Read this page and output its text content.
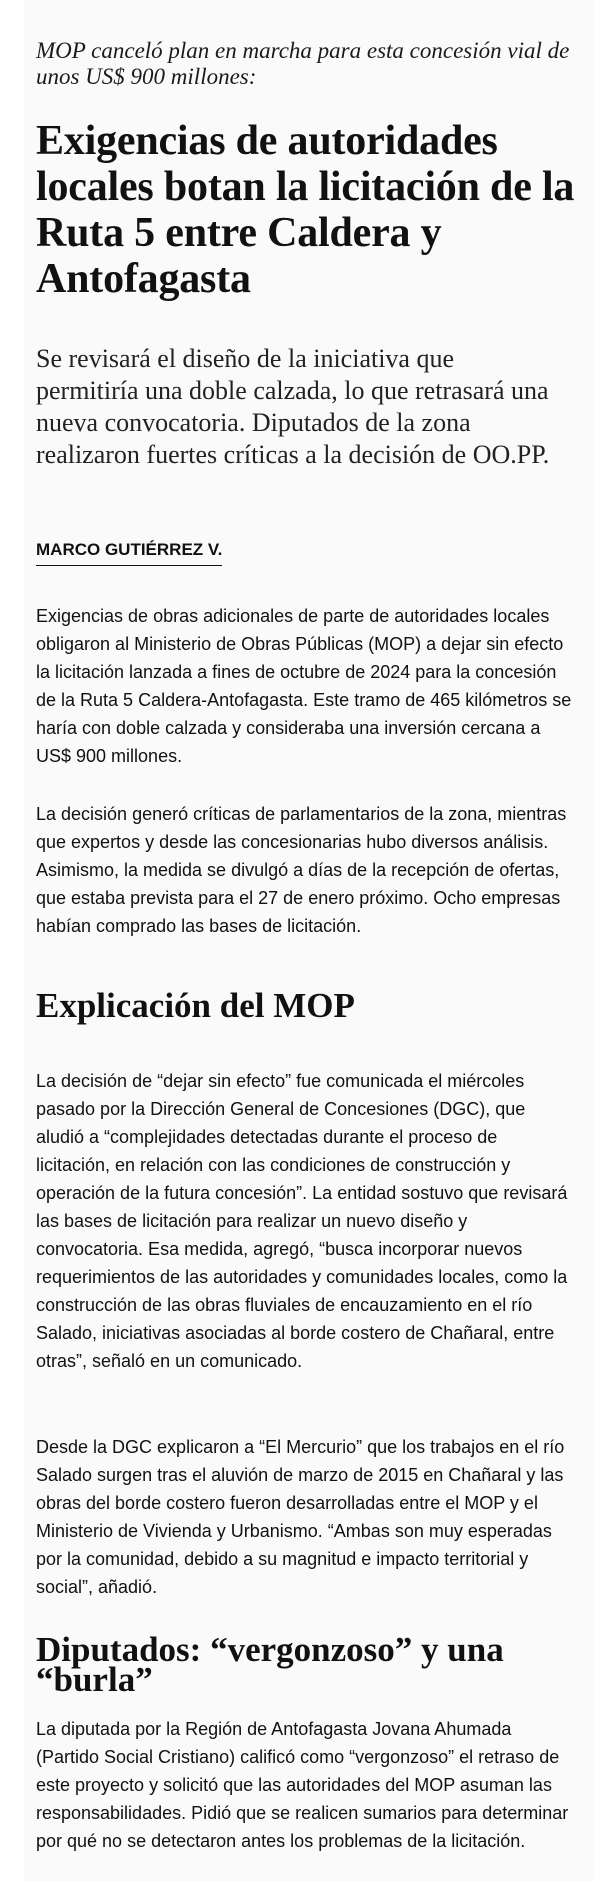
MOP canceló plan en marcha para esta concesión vial de unos US$ 900 millones:

Exigencias de autoridades locales botan la licitación de la Ruta 5 entre Caldera y Antofagasta

Se revisará el diseño de la iniciativa que permitiría una doble calzada, lo que retrasará una nueva convocatoria. Diputados de la zona realizaron fuertes críticas a la decisión de OO.PP.

MARCO GUTIÉRREZ V.

Exigencias de obras adicionales de parte de autoridades locales obligaron al Ministerio de Obras Públicas (MOP) a dejar sin efecto la licitación lanzada a fines de octubre de 2024 para la concesión de la Ruta 5 Caldera-Antofagasta. Este tramo de 465 kilómetros se haría con doble calzada y consideraba una inversión cercana a US$ 900 millones.

La decisión generó críticas de parlamentarios de la zona, mientras que expertos y desde las concesionarias hubo diversos análisis. Asimismo, la medida se divulgó a días de la recepción de ofertas, que estaba prevista para el 27 de enero próximo. Ocho empresas habían comprado las bases de licitación.

Explicación del MOP

La decisión de “dejar sin efecto” fue comunicada el miércoles pasado por la Dirección General de Concesiones (DGC), que aludió a “complejidades detectadas durante el proceso de licitación, en relación con las condiciones de construcción y operación de la futura concesión”. La entidad sostuvo que revisará las bases de licitación para realizar un nuevo diseño y convocatoria. Esa medida, agregó, “busca incorporar nuevos requerimientos de las autoridades y comunidades locales, como la construcción de las obras fluviales de encauzamiento en el río Salado, iniciativas asociadas al borde costero de Chañaral, entre otras”, señaló en un comunicado.

Desde la DGC explicaron a “El Mercurio” que los trabajos en el río Salado surgen tras el aluvión de marzo de 2015 en Chañaral y las obras del borde costero fueron desarrolladas entre el MOP y el Ministerio de Vivienda y Urbanismo. “Ambas son muy esperadas por la comunidad, debido a su magnitud e impacto territorial y social”, añadió.

Diputados: “vergonzoso” y una “burla”

La diputada por la Región de Antofagasta Jovana Ahumada (Partido Social Cristiano) calificó como “vergonzoso” el retraso de este proyecto y solicitó que las autoridades del MOP asuman las responsabilidades. Pidió que se realicen sumarios para determinar por qué no se detectaron antes los problemas de la licitación.
